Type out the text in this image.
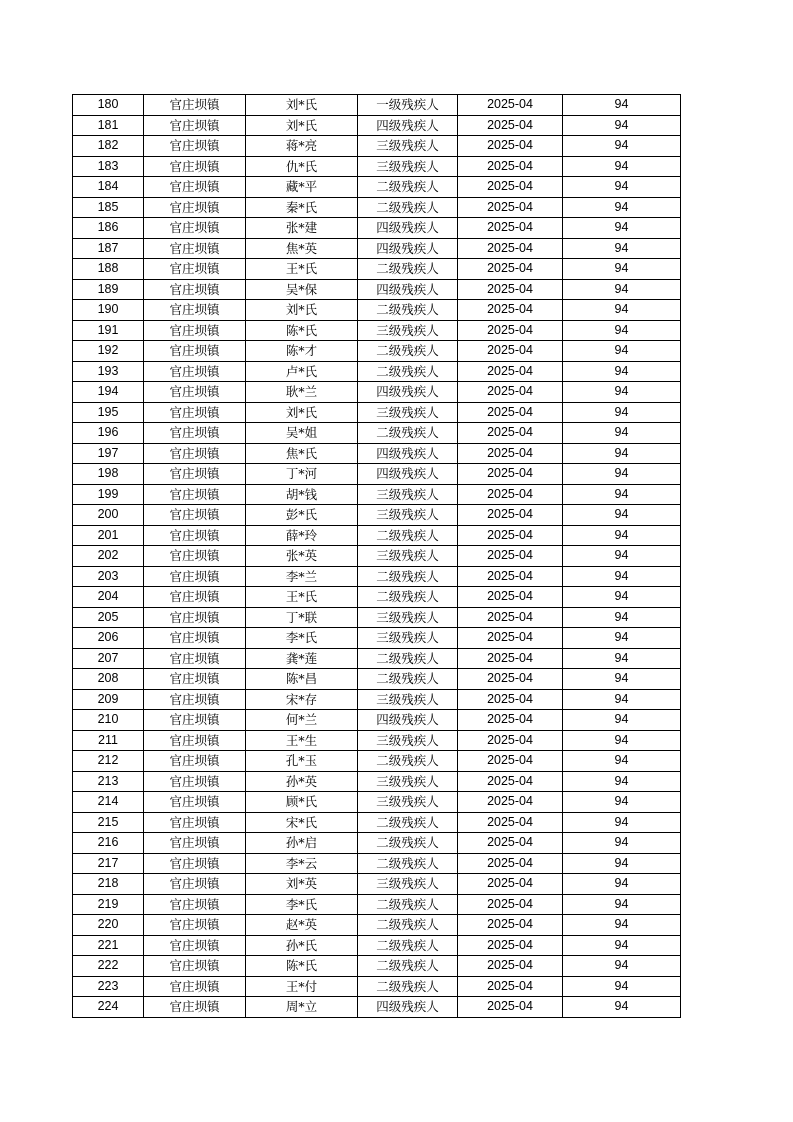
180	官庄坝镇	刘*氏	一级残疾人	2025-04	94
181	官庄坝镇	刘*氏	四级残疾人	2025-04	94
182	官庄坝镇	蒋*亮	三级残疾人	2025-04	94
183	官庄坝镇	仇*氏	三级残疾人	2025-04	94
184	官庄坝镇	藏*平	二级残疾人	2025-04	94
185	官庄坝镇	秦*氏	二级残疾人	2025-04	94
186	官庄坝镇	张*建	四级残疾人	2025-04	94
187	官庄坝镇	焦*英	四级残疾人	2025-04	94
188	官庄坝镇	王*氏	二级残疾人	2025-04	94
189	官庄坝镇	吴*保	四级残疾人	2025-04	94
190	官庄坝镇	刘*氏	二级残疾人	2025-04	94
191	官庄坝镇	陈*氏	三级残疾人	2025-04	94
192	官庄坝镇	陈*才	二级残疾人	2025-04	94
193	官庄坝镇	卢*氏	二级残疾人	2025-04	94
194	官庄坝镇	耿*兰	四级残疾人	2025-04	94
195	官庄坝镇	刘*氏	三级残疾人	2025-04	94
196	官庄坝镇	吴*姐	二级残疾人	2025-04	94
197	官庄坝镇	焦*氏	四级残疾人	2025-04	94
198	官庄坝镇	丁*河	四级残疾人	2025-04	94
199	官庄坝镇	胡*钱	三级残疾人	2025-04	94
200	官庄坝镇	彭*氏	三级残疾人	2025-04	94
201	官庄坝镇	薛*玲	二级残疾人	2025-04	94
202	官庄坝镇	张*英	三级残疾人	2025-04	94
203	官庄坝镇	李*兰	二级残疾人	2025-04	94
204	官庄坝镇	王*氏	二级残疾人	2025-04	94
205	官庄坝镇	丁*联	三级残疾人	2025-04	94
206	官庄坝镇	李*氏	三级残疾人	2025-04	94
207	官庄坝镇	龚*莲	二级残疾人	2025-04	94
208	官庄坝镇	陈*昌	二级残疾人	2025-04	94
209	官庄坝镇	宋*存	三级残疾人	2025-04	94
210	官庄坝镇	何*兰	四级残疾人	2025-04	94
211	官庄坝镇	王*生	三级残疾人	2025-04	94
212	官庄坝镇	孔*玉	二级残疾人	2025-04	94
213	官庄坝镇	孙*英	三级残疾人	2025-04	94
214	官庄坝镇	顾*氏	三级残疾人	2025-04	94
215	官庄坝镇	宋*氏	二级残疾人	2025-04	94
216	官庄坝镇	孙*启	二级残疾人	2025-04	94
217	官庄坝镇	李*云	二级残疾人	2025-04	94
218	官庄坝镇	刘*英	三级残疾人	2025-04	94
219	官庄坝镇	李*氏	二级残疾人	2025-04	94
220	官庄坝镇	赵*英	二级残疾人	2025-04	94
221	官庄坝镇	孙*氏	二级残疾人	2025-04	94
222	官庄坝镇	陈*氏	二级残疾人	2025-04	94
223	官庄坝镇	王*付	二级残疾人	2025-04	94
224	官庄坝镇	周*立	四级残疾人	2025-04	94
